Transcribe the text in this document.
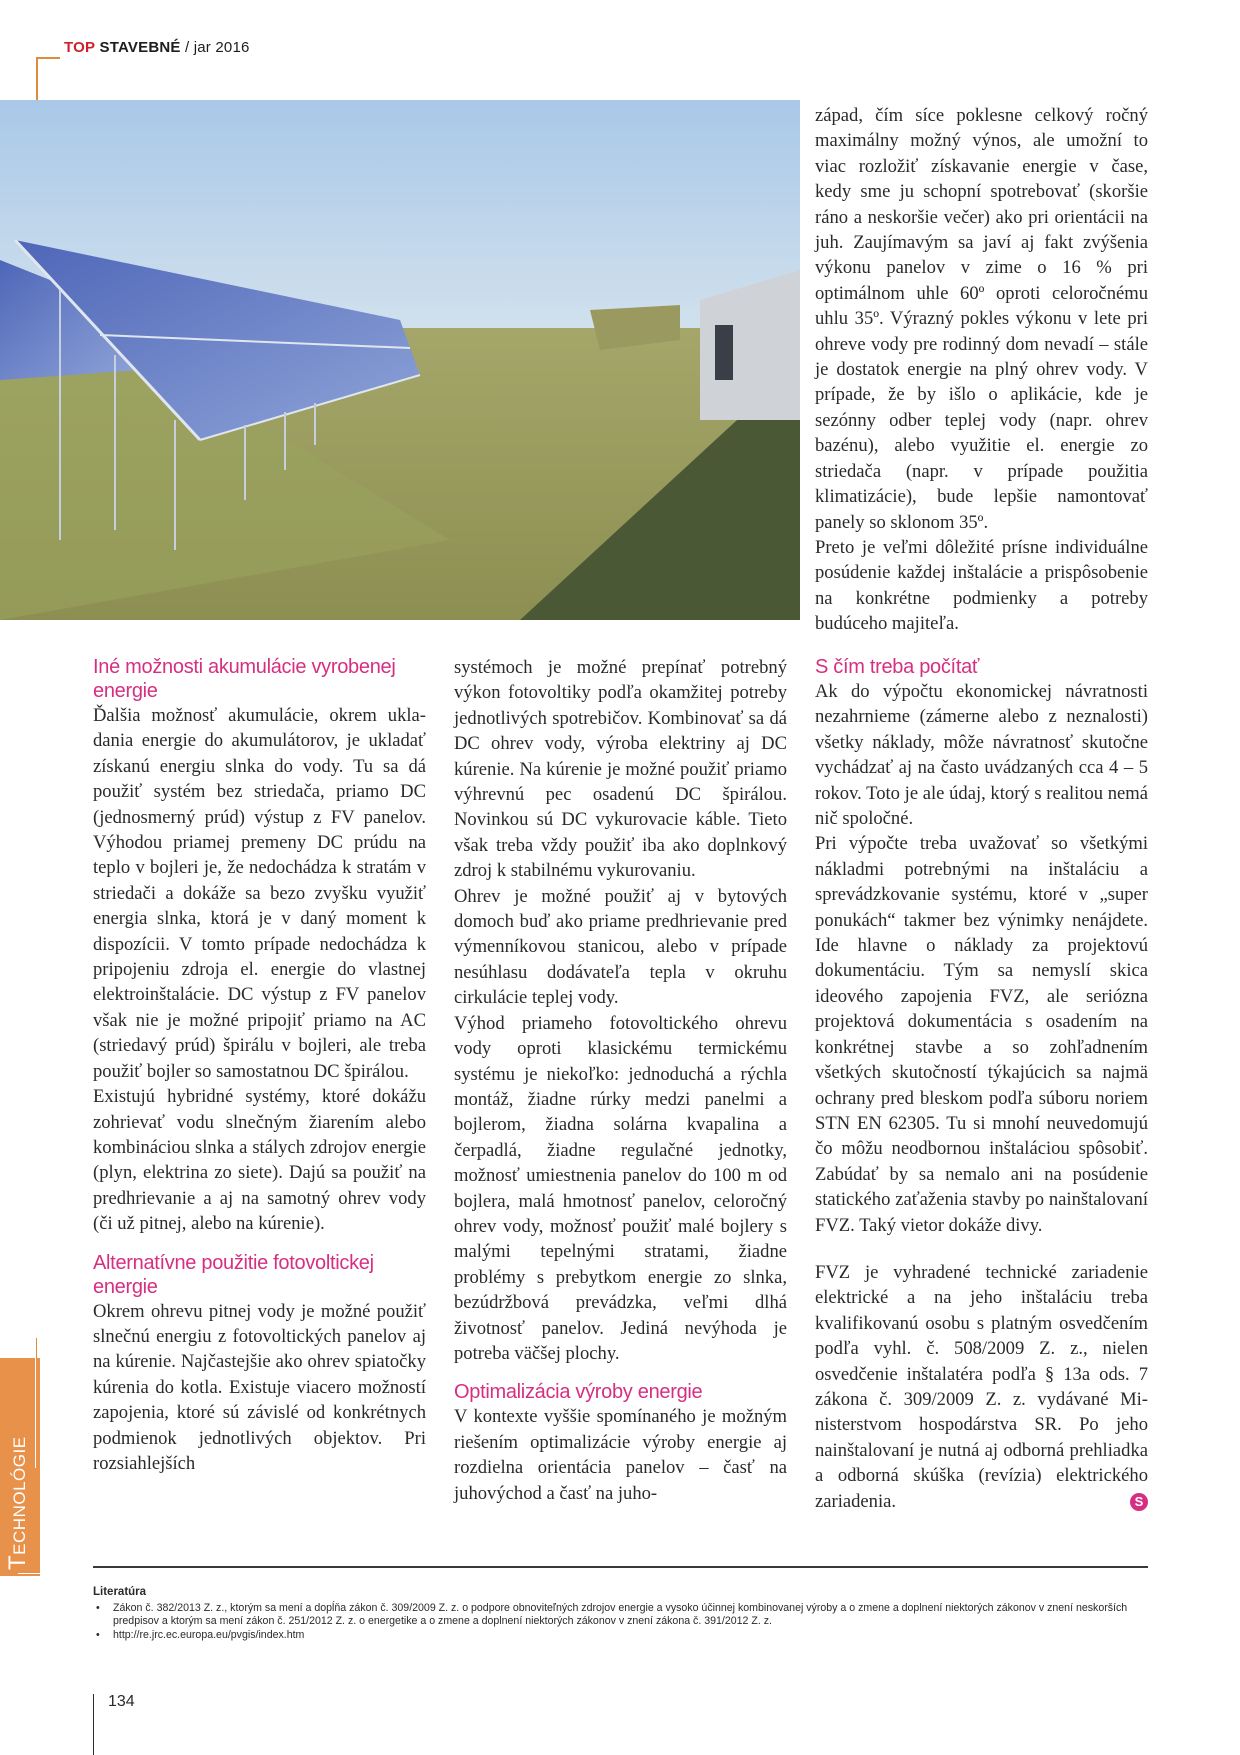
TOP STAVEBNÉ / jar 2016

západ, čím síce poklesne celkový ročný maximálny možný výnos, ale umožní to viac rozložiť získavanie energie v čase, kedy sme ju schopní spotrebovať (skoršie ráno a neskoršie večer) ako pri orientácii na juh. Zaujímavým sa javí aj fakt zvýšenia výkonu panelov v zime o 16 % pri optimálnom uhle 60º oproti celoročnému uhlu 35º. Výrazný pokles výkonu v lete pri ohreve vody pre rodinný dom nevadí – stále je dostatok energie na plný ohrev vody. V prípade, že by išlo o aplikácie, kde je sezónny odber teplej vody (napr. ohrev bazénu), alebo využitie el. energie zo striedača (napr. v prípade použitia klimatizácie), bude lepšie namontovať panely so sklonom 35º.

Preto je veľmi dôležité prísne individuálne posúdenie každej inštalácie a prispôsobenie na konkrétne podmienky a potreby budúceho majiteľa.

Iné možnosti akumulácie vyrobenej energie

Ďalšia možnosť akumulácie, okrem ukladania energie do akumulátorov, je ukladať získanú energiu slnka do vody. Tu sa dá použiť systém bez striedača, priamo DC (jednosmerný prúd) výstup z FV panelov. Výhodou priamej premeny DC prúdu na teplo v bojleri je, že nedochádza k stratám v striedači a dokáže sa bezo zvyšku využiť energia slnka, ktorá je v daný moment k dispozícii. V tomto prípade nedochádza k pripojeniu zdroja el. energie do vlastnej elektroinštalácie. DC výstup z FV panelov však nie je možné pripojiť priamo na AC (striedavý prúd) špirálu v bojleri, ale treba použiť bojler so samostatnou DC špirálou.

Existujú hybridné systémy, ktoré dokážu zohrievať vodu slnečným žiarením alebo kombináciou slnka a stálych zdrojov energie (plyn, elektrina zo siete). Dajú sa použiť na predhrievanie a aj na samotný ohrev vody (či už pitnej, alebo na kúrenie).

Alternatívne použitie fotovoltickej energie

Okrem ohrevu pitnej vody je možné použiť slnečnú energiu z fotovoltických panelov aj na kúrenie. Najčastejšie ako ohrev spiatočky kúrenia do kotla. Existuje viacero možností zapojenia, ktoré sú závislé od konkrétnych podmienok jednotlivých objektov. Pri rozsiahlejších

systémoch je možné prepínať potrebný výkon fotovoltiky podľa okamžitej potreby jednotlivých spotrebičov. Kombinovať sa dá DC ohrev vody, výroba elektriny aj DC kúrenie. Na kúrenie je možné použiť priamo výhrevnú pec osadenú DC špirálou. Novinkou sú DC vykurovacie káble. Tieto však treba vždy použiť iba ako doplnkový zdroj k stabilnému vykurovaniu.

Ohrev je možné použiť aj v bytových domoch buď ako priame predhrievanie pred výmenníkovou stanicou, alebo v prípade nesúhlasu dodávateľa tepla v okruhu cirkulácie teplej vody.

Výhod priameho fotovoltického ohrevu vody oproti klasickému termickému systému je niekoľko: jednoduchá a rýchla montáž, žiadne rúrky medzi panelmi a bojlerom, žiadna solárna kvapalina a čerpadlá, žiadne regulačné jednotky, možnosť umiestnenia panelov do 100 m od bojlera, malá hmotnosť panelov, celoročný ohrev vody, možnosť použiť malé bojlery s malými tepelnými stratami, žiadne problémy s prebytkom energie zo slnka, bezúdržbová prevádzka, veľmi dlhá životnosť panelov. Jediná nevýhoda je potreba väčšej plochy.

Optimalizácia výroby energie

V kontexte vyššie spomínaného je možným riešením optimalizácie výroby energie aj rozdielna orientácia panelov – časť na juhovýchod a časť na juho-

S čím treba počítať

Ak do výpočtu ekonomickej návratnosti nezahrnieme (zámerne alebo z neznalosti) všetky náklady, môže návratnosť skutočne vychádzať aj na často uvádzaných cca 4 – 5 rokov. Toto je ale údaj, ktorý s realitou nemá nič spoločné.

Pri výpočte treba uvažovať so všetkými nákladmi potrebnými na inštaláciu a sprevádzkovanie systému, ktoré v „super ponukách“ takmer bez výnimky nenájdete. Ide hlavne o náklady za projektovú dokumentáciu. Tým sa nemyslí skica ideového zapojenia FVZ, ale seriózna projektová dokumentácia s osadením na konkrétnej stavbe a so zohľadnením všetkých skutočností týkajúcich sa najmä ochrany pred bleskom podľa súboru noriem STN EN 62305. Tu si mnohí neuvedomujú čo môžu neodbornou inštaláciou spôsobiť. Zabúdať by sa nemalo ani na posúdenie statického zaťaženia stavby po nainštalovaní FVZ. Taký vietor dokáže divy.

FVZ je vyhradené technické zariadenie elektrické a na jeho inštaláciu treba kvalifikovanú osobu s platným osvedčením podľa vyhl. č. 508/2009 Z. z., nielen osvedčenie inštalatéra podľa § 13a ods. 7 zákona č. 309/2009 Z. z. vydávané Ministerstvom hospodárstva SR. Po jeho nainštalovaní je nutná aj odborná prehliadka a odborná skúška (revízia) elektrického zariadenia.	S

TECHNOLÓGIE
Literatúra
• Zákon č. 382/2013 Z. z., ktorým sa mení a dopĺňa zákon č. 309/2009 Z. z. o podpore obnoviteľných zdrojov energie a vysoko účinnej kombinovanej výroby a o zmene a doplnení niektorých zákonov v znení neskorších predpisov a ktorým sa mení zákon č. 251/2012 Z. z. o energetike a o zmene a doplnení niektorých zákonov v znení zákona č. 391/2012 Z. z.
• http://re.jrc.ec.europa.eu/pvgis/index.htm
134
